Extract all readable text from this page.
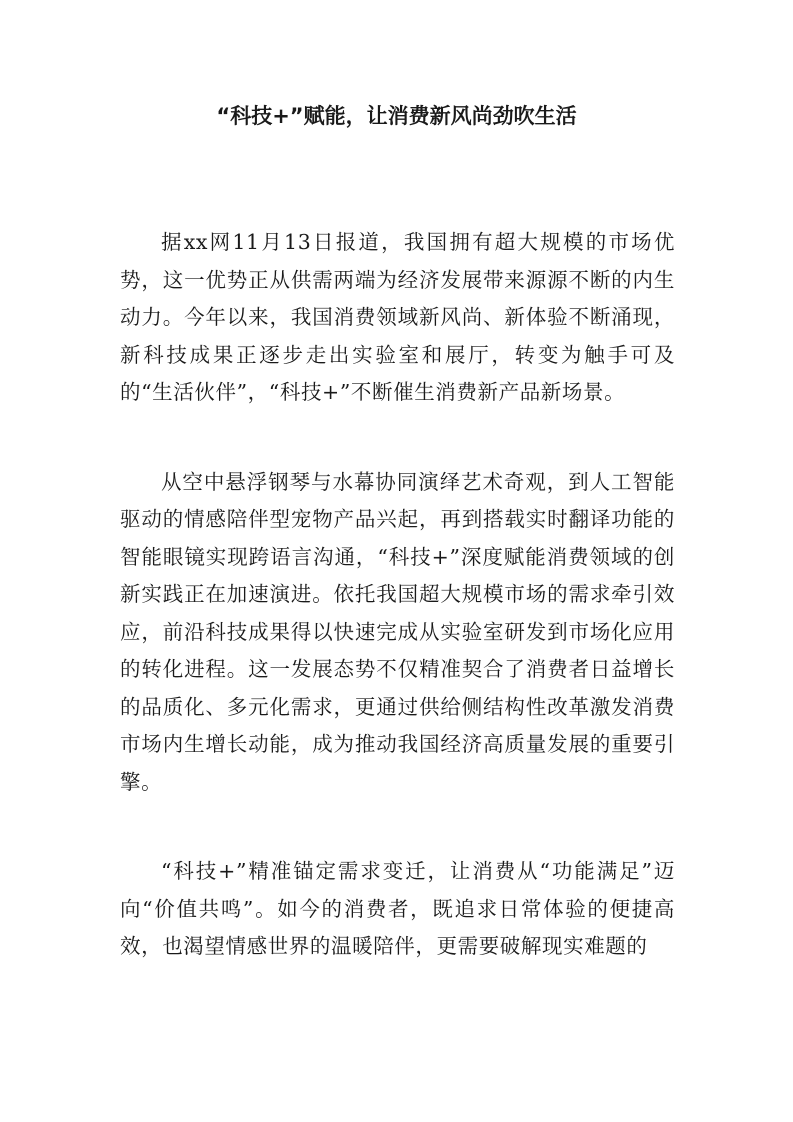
“科技+”赋能，让消费新风尚劲吹生活

据xx网11月13日报道，我国拥有超大规模的市场优势，这一优势正从供需两端为经济发展带来源源不断的内生动力。今年以来，我国消费领域新风尚、新体验不断涌现，新科技成果正逐步走出实验室和展厅，转变为触手可及的“生活伙伴”，“科技+”不断催生消费新产品新场景。

从空中悬浮钢琴与水幕协同演绎艺术奇观，到人工智能驱动的情感陪伴型宠物产品兴起，再到搭载实时翻译功能的智能眼镜实现跨语言沟通，“科技+”深度赋能消费领域的创新实践正在加速演进。依托我国超大规模市场的需求牵引效应，前沿科技成果得以快速完成从实验室研发到市场化应用的转化进程。这一发展态势不仅精准契合了消费者日益增长的品质化、多元化需求，更通过供给侧结构性改革激发消费市场内生增长动能，成为推动我国经济高质量发展的重要引擎。

“科技+”精准锚定需求变迁，让消费从“功能满足”迈向“价值共鸣”。如今的消费者，既追求日常体验的便捷高效，也渴望情感世界的温暖陪伴，更需要破解现实难题的
